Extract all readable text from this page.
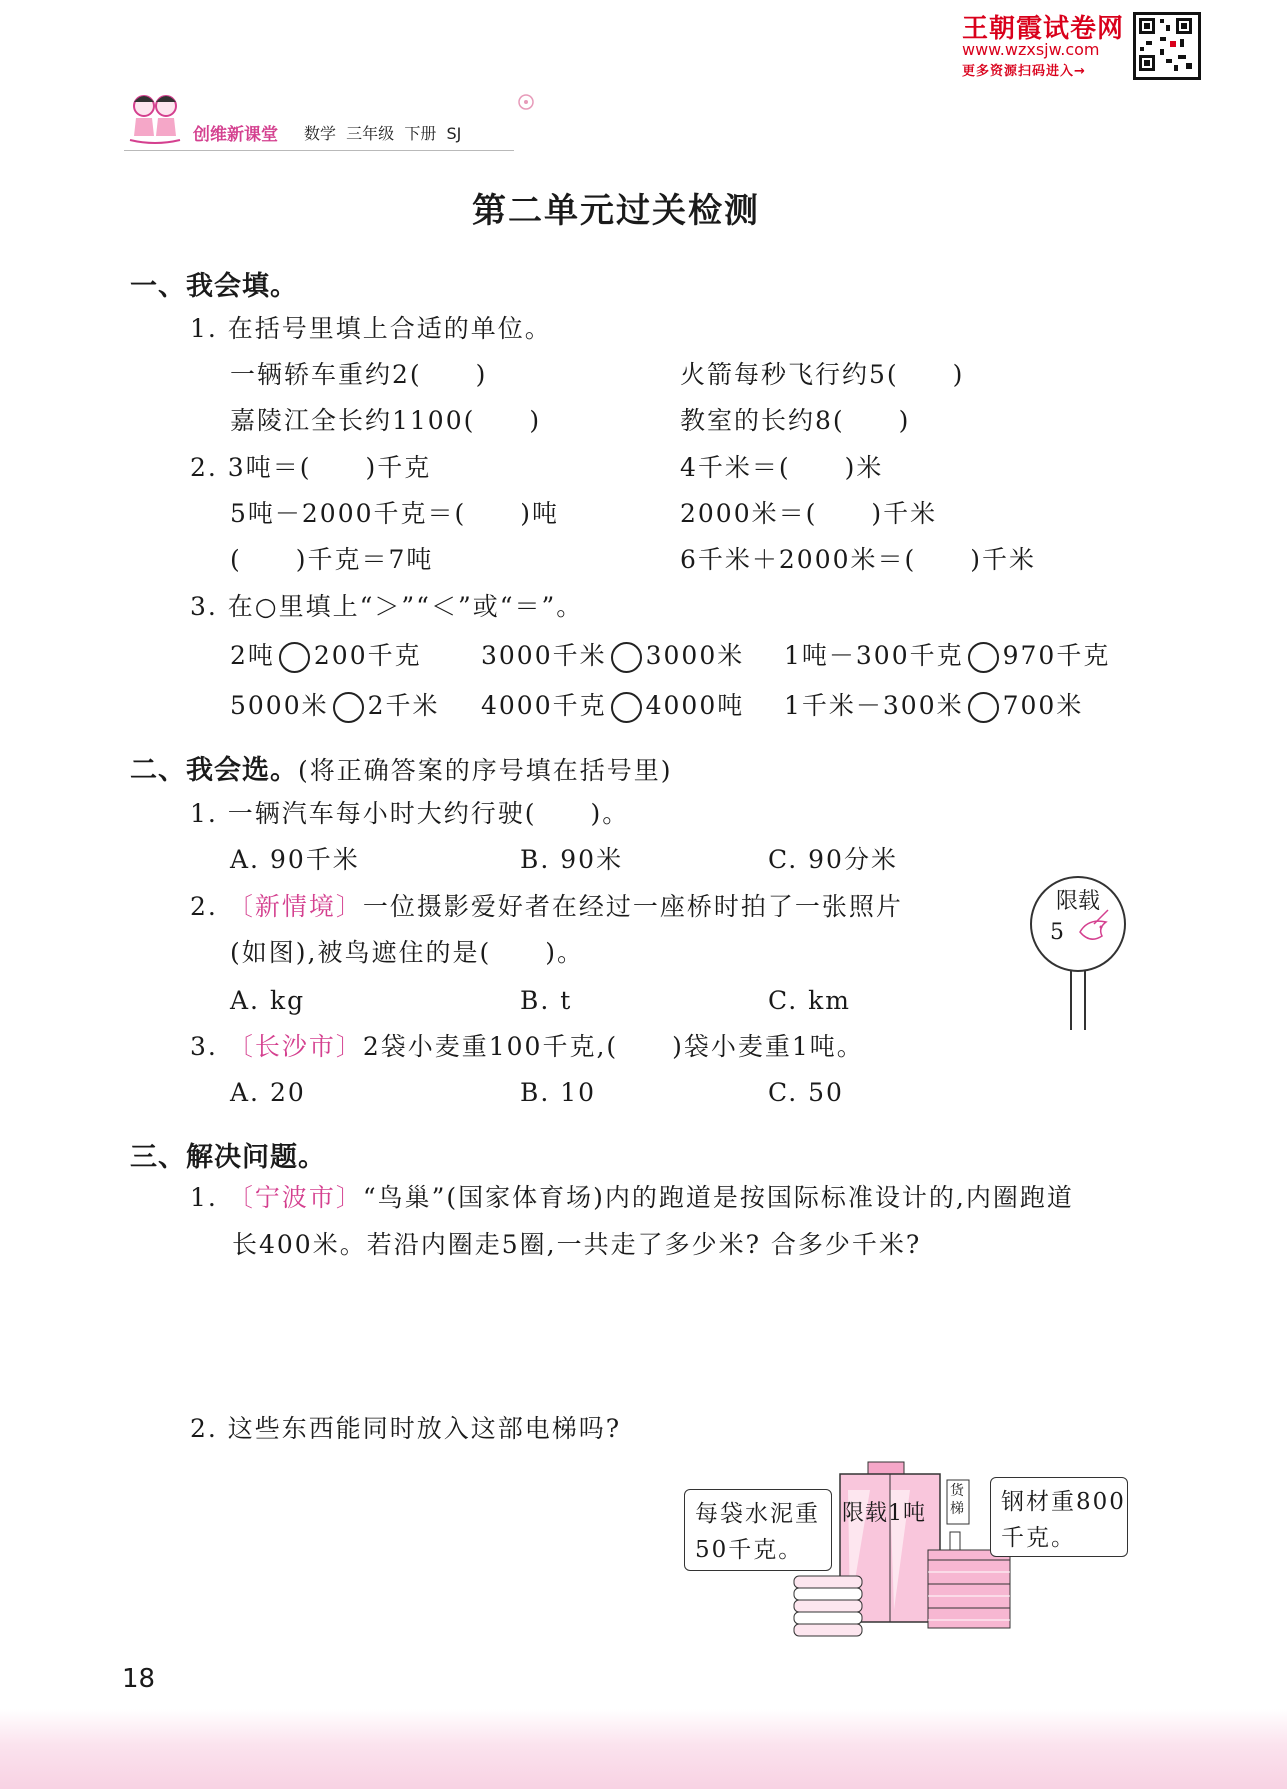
王朝霞试卷网
www.wzxsjw.com
更多资源扫码进入→
创维新课堂 数学  三年级  下册  SJ
第二单元过关检测
一、我会填。
1. 在括号里填上合适的单位。
一辆轿车重约2(　　)	火箭每秒飞行约5(　　)
嘉陵江全长约1100(　　)	教室的长约8(　　)
2. 3吨＝(　　)千克	4千米＝(　　)米
5吨－2000千克＝(　　)吨	2000米＝(　　)千米
(　　)千克＝7吨	6千米＋2000米＝(　　)千米
3. 在○里填上“＞”“＜”或“＝”。
2吨 200千克 3000千米 3000米 1吨－300千克 970千克
5000米 2千米 4000千克 4000吨 1千米－300米 700米
二、我会选。(将正确答案的序号填在括号里)
1. 一辆汽车每小时大约行驶(　　)。
A. 90千米	B. 90米	C. 90分米
2. 〔新情境〕一位摄影爱好者在经过一座桥时拍了一张照片
(如图),被鸟遮住的是(　　)。
A. kg	B. t	C. km
限载
5
3. 〔长沙市〕2袋小麦重100千克,(　　)袋小麦重1吨。
A. 20	B. 10	C. 50
三、解决问题。
1. 〔宁波市〕“鸟巢”(国家体育场)内的跑道是按国际标准设计的,内圈跑道
长400米。若沿内圈走5圈,一共走了多少米? 合多少千米?
2. 这些东西能同时放入这部电梯吗?
限载1吨
货梯
每袋水泥重
50千克。
钢材重800
千克。
18
